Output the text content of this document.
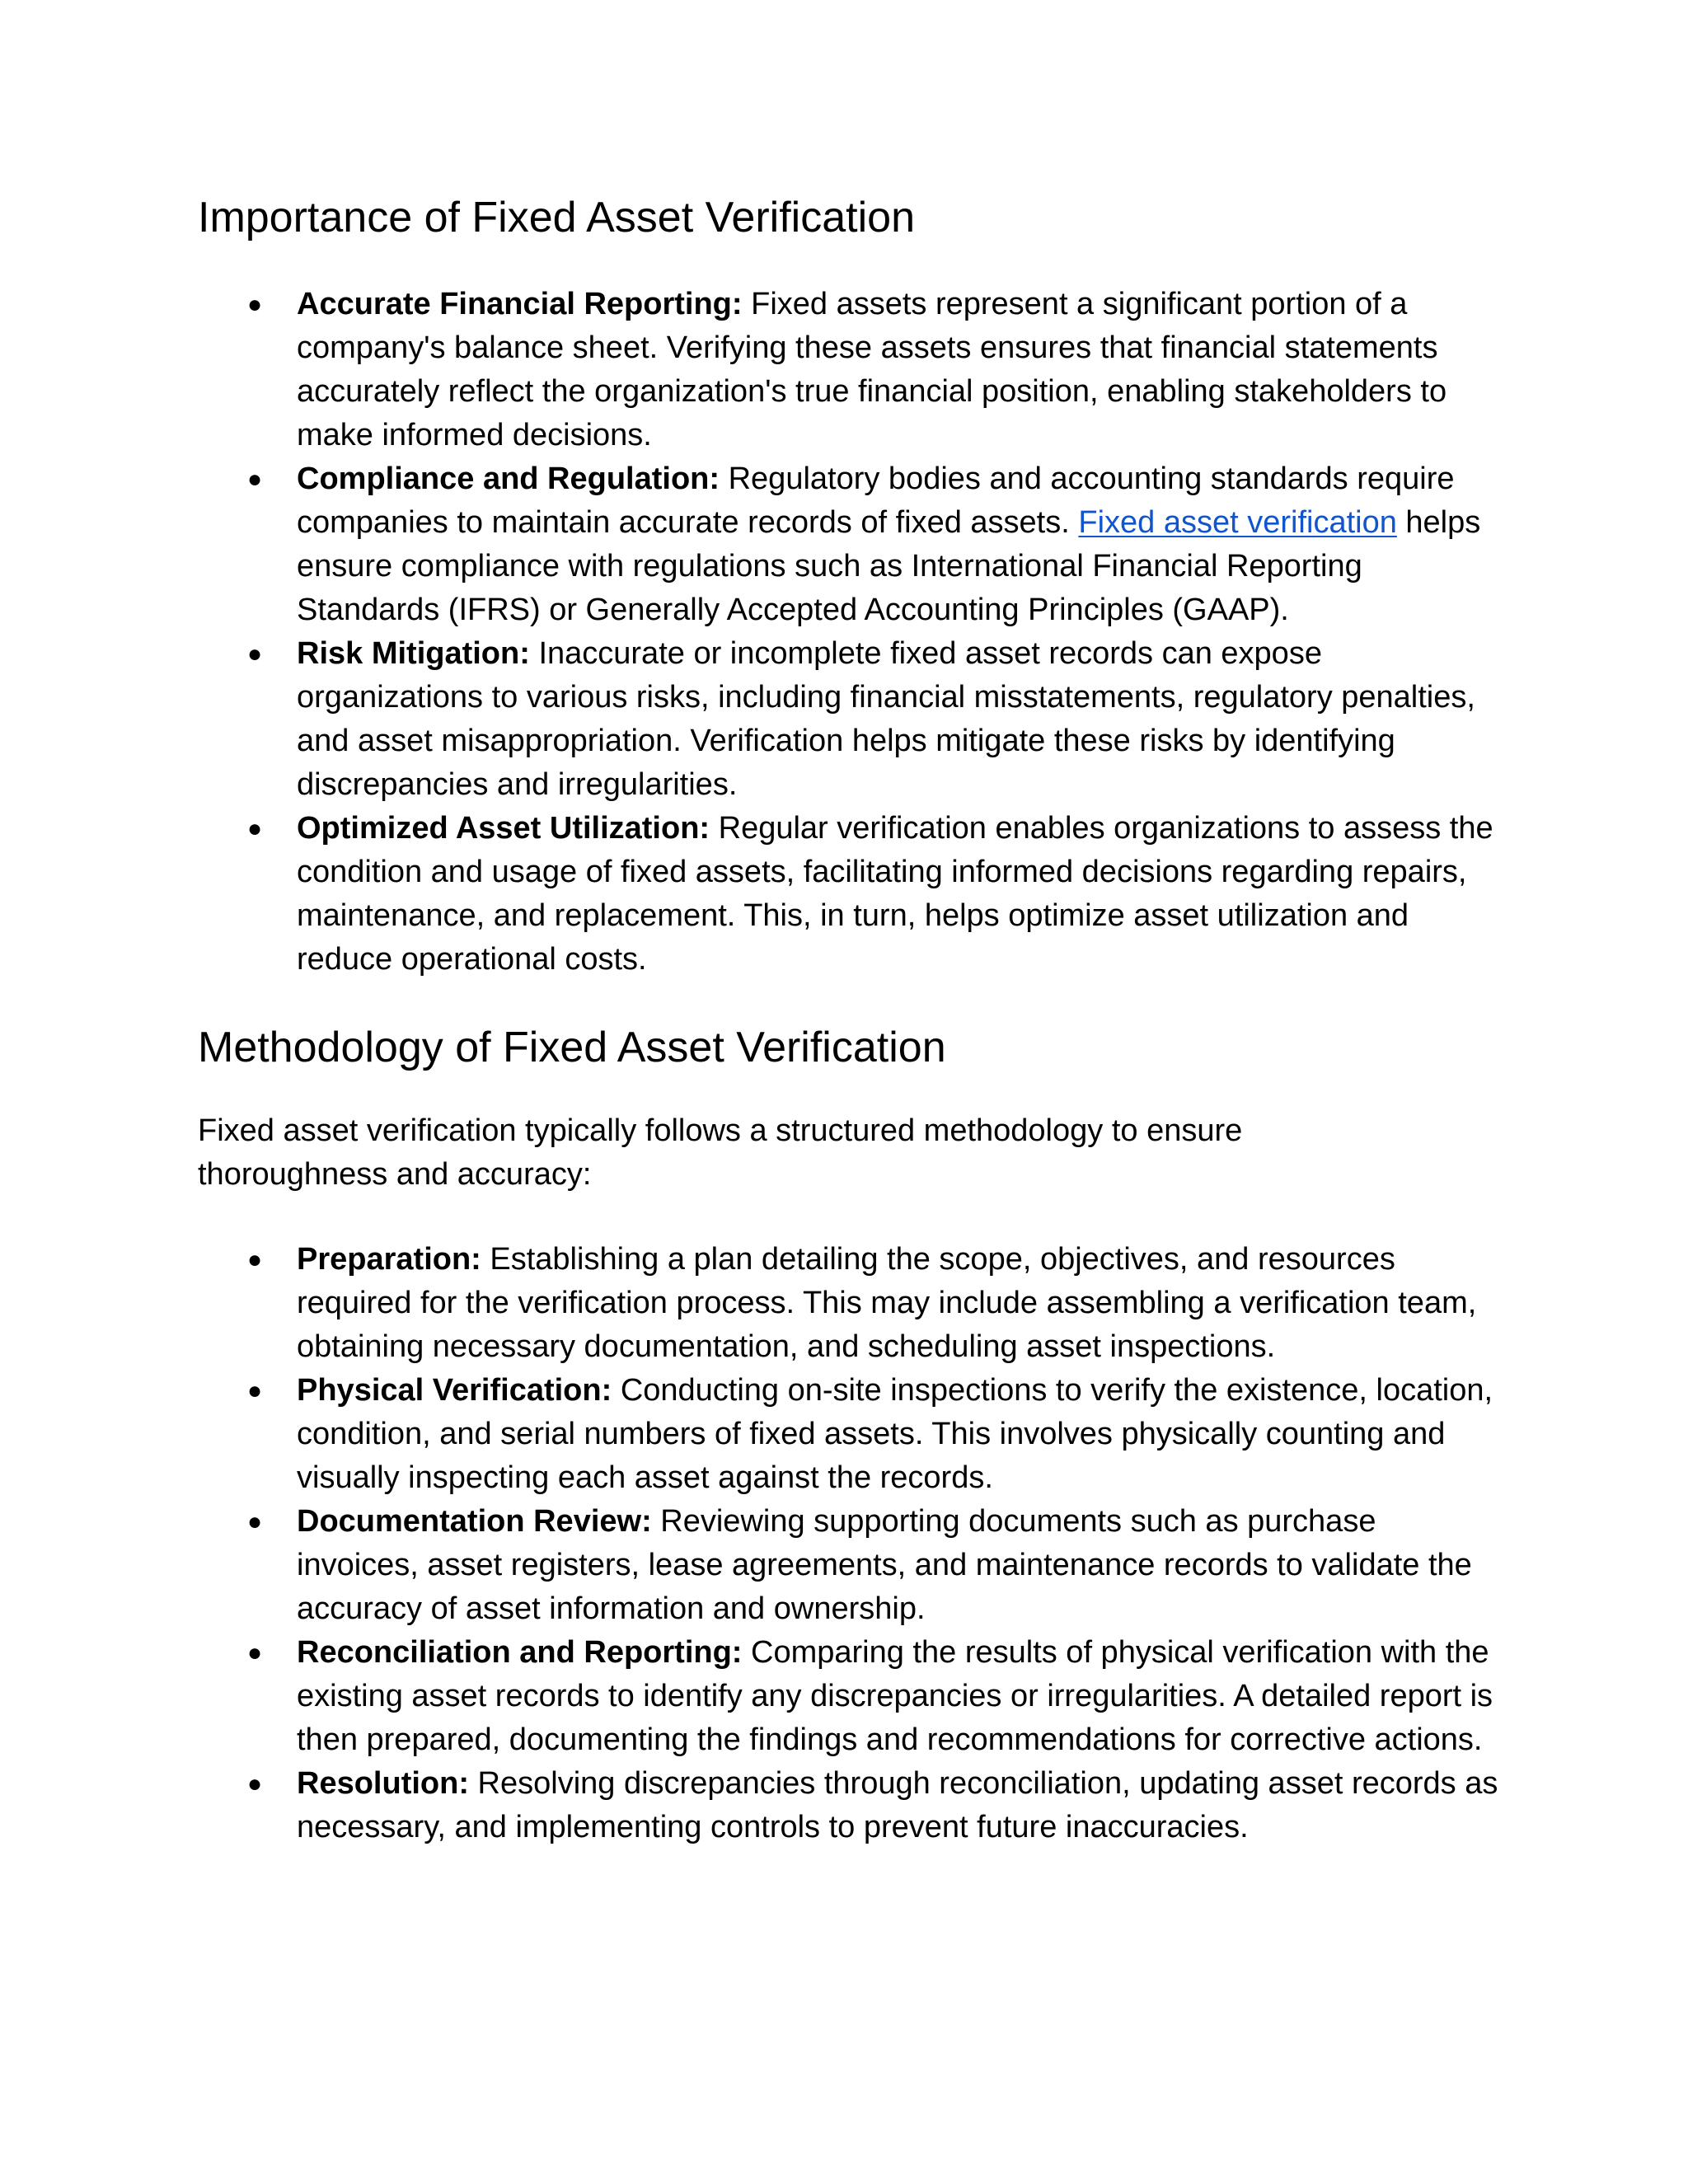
Importance of Fixed Asset Verification
● Accurate Financial Reporting: Fixed assets represent a significant portion of a company's balance sheet. Verifying these assets ensures that financial statements accurately reflect the organization's true financial position, enabling stakeholders to make informed decisions.
● Compliance and Regulation: Regulatory bodies and accounting standards require companies to maintain accurate records of fixed assets. Fixed asset verification helps ensure compliance with regulations such as International Financial Reporting Standards (IFRS) or Generally Accepted Accounting Principles (GAAP).
● Risk Mitigation: Inaccurate or incomplete fixed asset records can expose organizations to various risks, including financial misstatements, regulatory penalties, and asset misappropriation. Verification helps mitigate these risks by identifying discrepancies and irregularities.
● Optimized Asset Utilization: Regular verification enables organizations to assess the condition and usage of fixed assets, facilitating informed decisions regarding repairs, maintenance, and replacement. This, in turn, helps optimize asset utilization and reduce operational costs.
Methodology of Fixed Asset Verification

Fixed asset verification typically follows a structured methodology to ensure thoroughness and accuracy:

● Preparation: Establishing a plan detailing the scope, objectives, and resources required for the verification process. This may include assembling a verification team, obtaining necessary documentation, and scheduling asset inspections.
● Physical Verification: Conducting on-site inspections to verify the existence, location, condition, and serial numbers of fixed assets. This involves physically counting and visually inspecting each asset against the records.
● Documentation Review: Reviewing supporting documents such as purchase invoices, asset registers, lease agreements, and maintenance records to validate the accuracy of asset information and ownership.
● Reconciliation and Reporting: Comparing the results of physical verification with the existing asset records to identify any discrepancies or irregularities. A detailed report is then prepared, documenting the findings and recommendations for corrective actions.
● Resolution: Resolving discrepancies through reconciliation, updating asset records as necessary, and implementing controls to prevent future inaccuracies.
